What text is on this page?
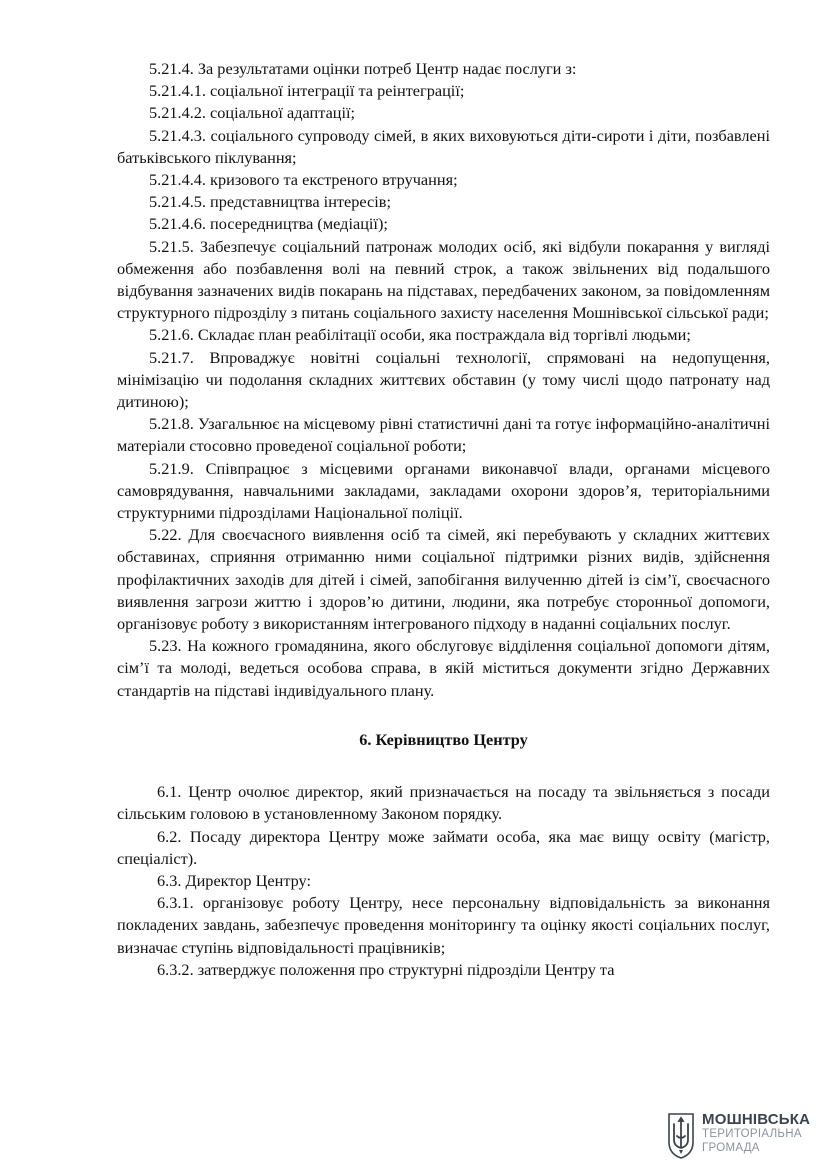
5.21.4. За результатами оцінки потреб Центр надає послуги з:

5.21.4.1. соціальної інтеграції та реінтеграції;

5.21.4.2. соціальної адаптації;

5.21.4.3. соціального супроводу сімей, в яких виховуються діти-сироти і діти, позбавлені батьківського піклування;

5.21.4.4. кризового та екстреного втручання;

5.21.4.5. представництва інтересів;

5.21.4.6. посередництва (медіації);

5.21.5. Забезпечує соціальний патронаж молодих осіб, які відбули покарання у вигляді обмеження або позбавлення волі на певний строк, а також звільнених від подальшого відбування зазначених видів покарань на підставах, передбачених законом, за повідомленням структурного підрозділу з питань соціального захисту населення Мошнівської сільської ради;

5.21.6. Складає план реабілітації особи, яка постраждала від торгівлі людьми;

5.21.7. Впроваджує новітні соціальні технології, спрямовані на недопущення, мінімізацію чи подолання складних життєвих обставин (у тому числі щодо патронату над дитиною);

5.21.8. Узагальнює на місцевому рівні статистичні дані та готує інформаційно-аналітичні матеріали стосовно проведеної соціальної роботи;

5.21.9. Співпрацює з місцевими органами виконавчої влади, органами місцевого самоврядування, навчальними закладами, закладами охорони здоров’я, територіальними структурними підрозділами Національної поліції.

5.22. Для своєчасного виявлення осіб та сімей, які перебувають у складних життєвих обставинах, сприяння отриманню ними соціальної підтримки різних видів, здійснення профілактичних заходів для дітей і сімей, запобігання вилученню дітей із сім’ї, своєчасного виявлення загрози життю і здоров’ю дитини, людини, яка потребує сторонньої допомоги, організовує роботу з використанням інтегрованого підходу в наданні соціальних послуг.

5.23. На кожного громадянина, якого обслуговує відділення соціальної допомоги дітям, сім’ї та молоді, ведеться особова справа, в якій міститься документи згідно Державних стандартів на підставі індивідуального плану.

6. Керівництво Центру

6.1. Центр очолює директор, який призначається на посаду та звільняється з посади сільським головою в установленному Законом порядку.

6.2. Посаду директора Центру може займати особа, яка має вищу освіту (магістр, спеціаліст).

6.3. Директор Центру:

6.3.1. організовує роботу Центру, несе персональну відповідальність за виконання покладених завдань, забезпечує проведення моніторингу та оцінку якості соціальних послуг, визначає ступінь відповідальності працівників;

6.3.2. затверджує положення про структурні підрозділи Центру та

МОШНІВСЬКА
ТЕРИТОРІАЛЬНА
ГРОМАДА
